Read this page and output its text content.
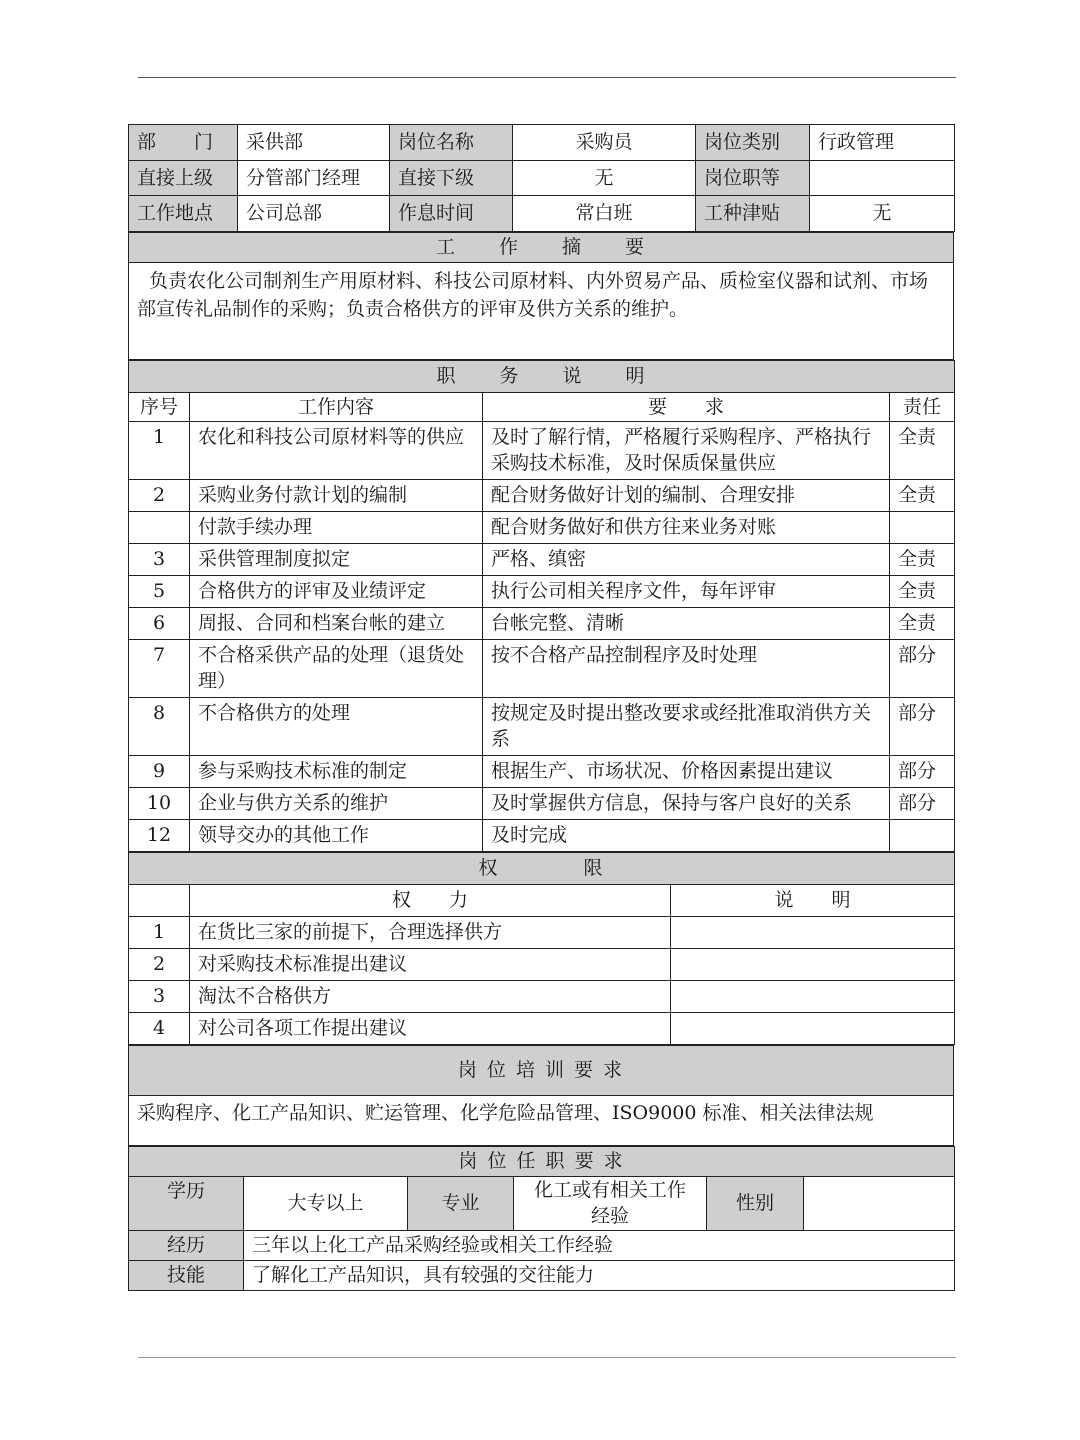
部　　门	采供部	岗位名称	采购员	岗位类别	行政管理
直接上级	分管部门经理	直接下级	无	岗位职等	
工作地点	公司总部	作息时间	常白班	工种津贴	无
工　　作　　摘　　要
负责农化公司制剂生产用原材料、科技公司原材料、内外贸易产品、质检室仪器和试剂、市场部宣传礼品制作的采购；负责合格供方的评审及供方关系的维护。
职　　务　　说　　明			
序号	工作内容	要　　求	责任
1	农化和科技公司原材料等的供应	及时了解行情，严格履行采购程序、严格执行采购技术标准，及时保质保量供应	全责
2	采购业务付款计划的编制	配合财务做好计划的编制、合理安排	全责
	付款手续办理	配合财务做好和供方往来业务对账	
3	采供管理制度拟定	严格、缜密	全责
5	合格供方的评审及业绩评定	执行公司相关程序文件，每年评审	全责
6	周报、合同和档案台帐的建立	台帐完整、清晰	全责
7	不合格采供产品的处理（退货处理）	按不合格产品控制程序及时处理	部分
8	不合格供方的处理	按规定及时提出整改要求或经批准取消供方关系	部分
9	参与采购技术标准的制定	根据生产、市场状况、价格因素提出建议	部分
10	企业与供方关系的维护	及时掌握供方信息，保持与客户良好的关系	部分
12	领导交办的其他工作	及时完成	
权　　　　限		
	权　　力	说　　明
1	在货比三家的前提下，合理选择供方	
2	对采购技术标准提出建议	
3	淘汰不合格供方	
4	对公司各项工作提出建议	
岗 位 培 训 要 求
采购程序、化工产品知识、贮运管理、化学危险品管理、ISO9000 标准、相关法律法规
岗 位 任 职 要 求					
学历	大专以上	专业	化工或有相关工作经验	性别	
经历	三年以上化工产品采购经验或相关工作经验				
技能	了解化工产品知识，具有较强的交往能力				
